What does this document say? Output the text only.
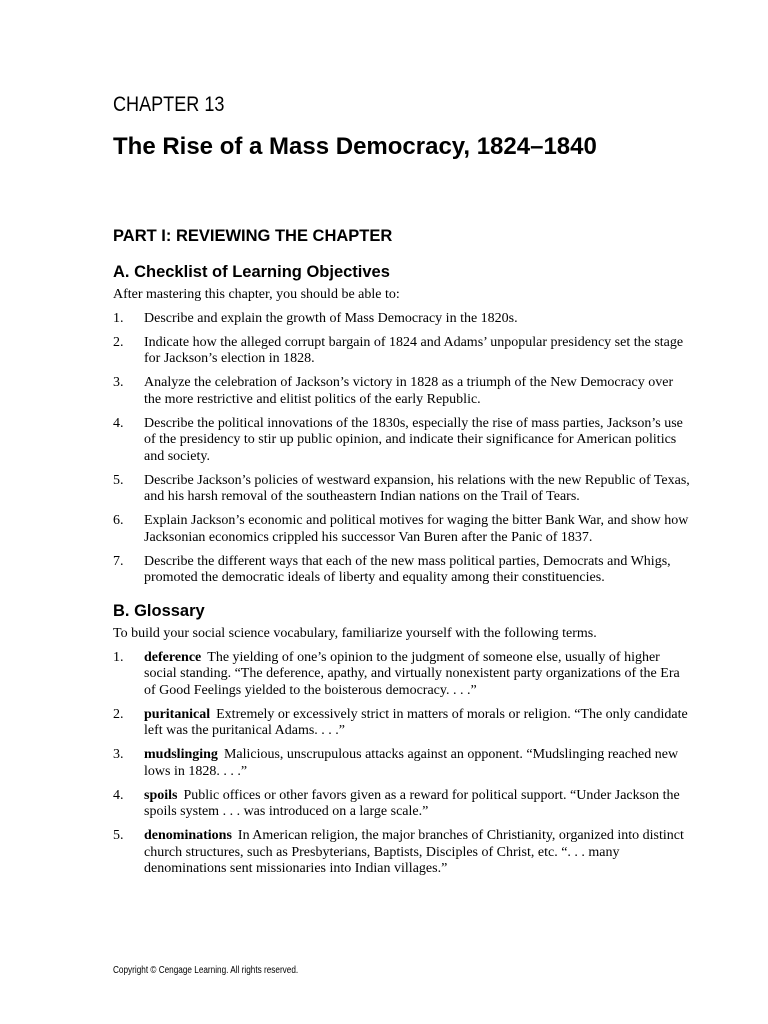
CHAPTER 13
The Rise of a Mass Democracy, 1824–1840
PART I: REVIEWING THE CHAPTER
A. Checklist of Learning Objectives
After mastering this chapter, you should be able to:
1.	Describe and explain the growth of Mass Democracy in the 1820s.
2.	Indicate how the alleged corrupt bargain of 1824 and Adams’ unpopular presidency set the stage for Jackson’s election in 1828.
3.	Analyze the celebration of Jackson’s victory in 1828 as a triumph of the New Democracy over the more restrictive and elitist politics of the early Republic.
4.	Describe the political innovations of the 1830s, especially the rise of mass parties, Jackson’s use of the presidency to stir up public opinion, and indicate their significance for American politics and society.
5.	Describe Jackson’s policies of westward expansion, his relations with the new Republic of Texas, and his harsh removal of the southeastern Indian nations on the Trail of Tears.
6.	Explain Jackson’s economic and political motives for waging the bitter Bank War, and show how Jacksonian economics crippled his successor Van Buren after the Panic of 1837.
7.	Describe the different ways that each of the new mass political parties, Democrats and Whigs, promoted the democratic ideals of liberty and equality among their constituencies.
B. Glossary
To build your social science vocabulary, familiarize yourself with the following terms.
1.	deference The yielding of one’s opinion to the judgment of someone else, usually of higher social standing. “The deference, apathy, and virtually nonexistent party organizations of the Era of Good Feelings yielded to the boisterous democracy. . . .”
2.	puritanical Extremely or excessively strict in matters of morals or religion. “The only candidate left was the puritanical Adams. . . .”
3.	mudslinging Malicious, unscrupulous attacks against an opponent. “Mudslinging reached new lows in 1828. . . .”
4.	spoils Public offices or other favors given as a reward for political support. “Under Jackson the spoils system . . . was introduced on a large scale.”
5.	denominations In American religion, the major branches of Christianity, organized into distinct church structures, such as Presbyterians, Baptists, Disciples of Christ, etc. “. . . many denominations sent missionaries into Indian villages.”
Copyright © Cengage Learning. All rights reserved.
